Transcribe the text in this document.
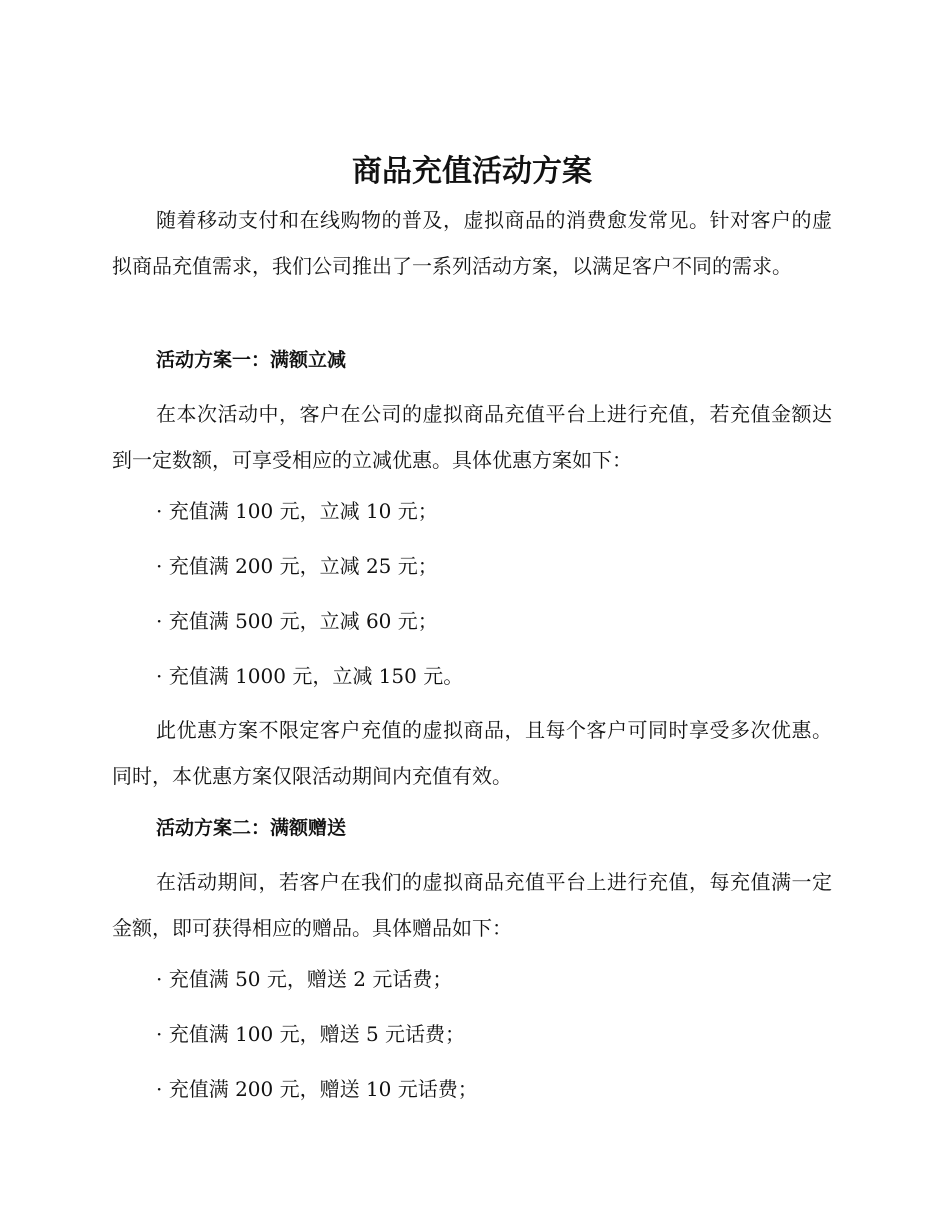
商品充值活动方案

随着移动支付和在线购物的普及，虚拟商品的消费愈发常见。针对客户的虚拟商品充值需求，我们公司推出了一系列活动方案，以满足客户不同的需求。

活动方案一：满额立减

在本次活动中，客户在公司的虚拟商品充值平台上进行充值，若充值金额达到一定数额，可享受相应的立减优惠。具体优惠方案如下：

· 充值满 100 元，立减 10 元；

· 充值满 200 元，立减 25 元；

· 充值满 500 元，立减 60 元；

· 充值满 1000 元，立减 150 元。

此优惠方案不限定客户充值的虚拟商品，且每个客户可同时享受多次优惠。同时，本优惠方案仅限活动期间内充值有效。

活动方案二：满额赠送

在活动期间，若客户在我们的虚拟商品充值平台上进行充值，每充值满一定金额，即可获得相应的赠品。具体赠品如下：

· 充值满 50 元，赠送 2 元话费；

· 充值满 100 元，赠送 5 元话费；

· 充值满 200 元，赠送 10 元话费；
